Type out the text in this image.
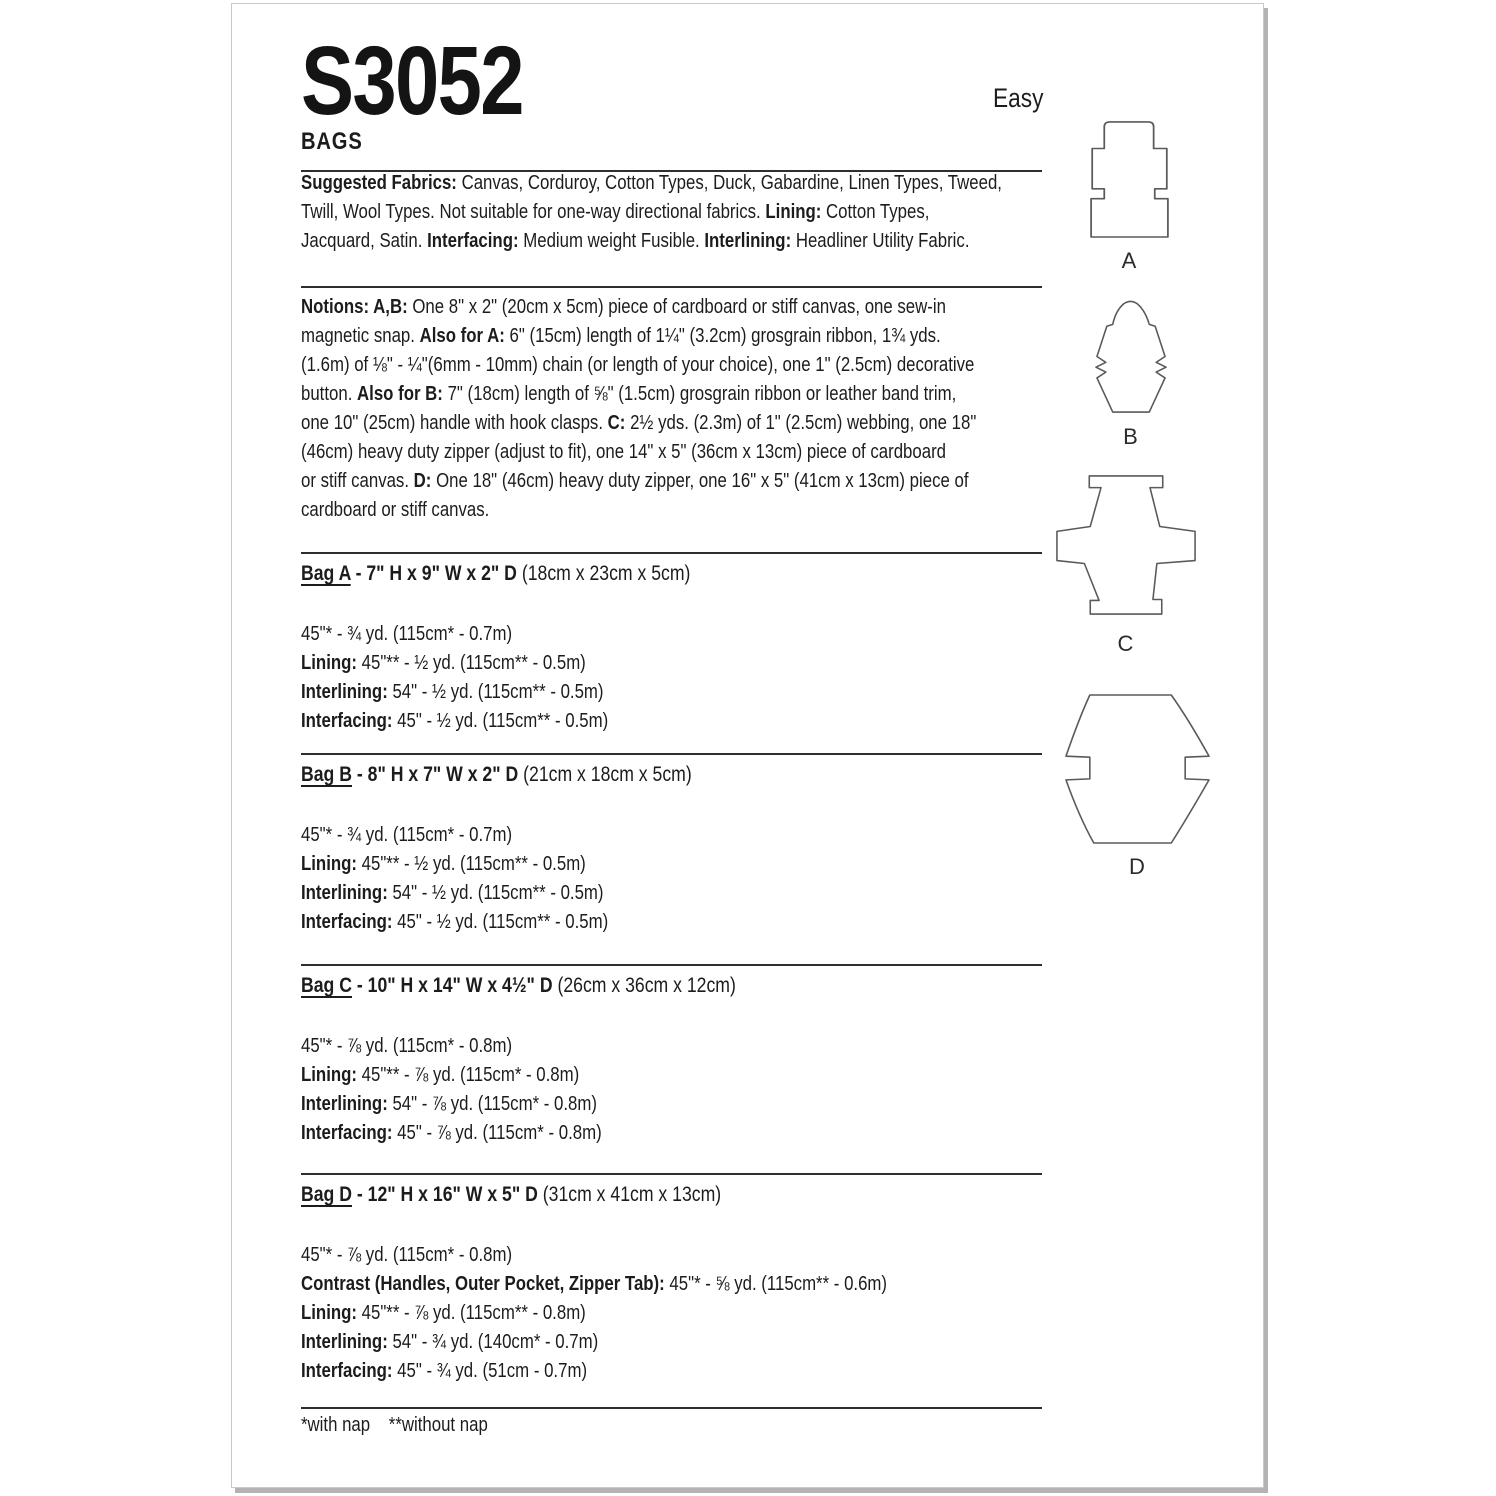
S3052	Easy
BAGS
Suggested Fabrics: Canvas, Corduroy, Cotton Types, Duck, Gabardine, Linen Types, Tweed,
Twill, Wool Types. Not suitable for one-way directional fabrics. Lining: Cotton Types,
Jacquard, Satin. Interfacing: Medium weight Fusible. Interlining: Headliner Utility Fabric.
Notions: A,B: One 8" x 2" (20cm x 5cm) piece of cardboard or stiff canvas, one sew-in
magnetic snap. Also for A: 6" (15cm) length of 1¼" (3.2cm) grosgrain ribbon, 1¾ yds.
(1.6m) of ⅛" - ¼"(6mm - 10mm) chain (or length of your choice), one 1" (2.5cm) decorative
button. Also for B: 7" (18cm) length of ⅝" (1.5cm) grosgrain ribbon or leather band trim,
one 10" (25cm) handle with hook clasps. C: 2½ yds. (2.3m) of 1" (2.5cm) webbing, one 18"
(46cm) heavy duty zipper (adjust to fit), one 14" x 5" (36cm x 13cm) piece of cardboard
or stiff canvas. D: One 18" (46cm) heavy duty zipper, one 16" x 5" (41cm x 13cm) piece of
cardboard or stiff canvas.
Bag A - 7" H x 9" W x 2" D (18cm x 23cm x 5cm)
45"* - ¾ yd. (115cm* - 0.7m)
Lining: 45"** - ½ yd. (115cm** - 0.5m)
Interlining: 54" - ½ yd. (115cm** - 0.5m)
Interfacing: 45" - ½ yd. (115cm** - 0.5m)
Bag B - 8" H x 7" W x 2" D (21cm x 18cm x 5cm)
45"* - ¾ yd. (115cm* - 0.7m)
Lining: 45"** - ½ yd. (115cm** - 0.5m)
Interlining: 54" - ½ yd. (115cm** - 0.5m)
Interfacing: 45" - ½ yd. (115cm** - 0.5m)
Bag C - 10" H x 14" W x 4½" D (26cm x 36cm x 12cm)
45"* - ⅞ yd. (115cm* - 0.8m)
Lining: 45"** - ⅞ yd. (115cm* - 0.8m)
Interlining: 54" - ⅞ yd. (115cm* - 0.8m)
Interfacing: 45" - ⅞ yd. (115cm* - 0.8m)
Bag D - 12" H x 16" W x 5" D (31cm x 41cm x 13cm)
45"* - ⅞ yd. (115cm* - 0.8m)
Contrast (Handles, Outer Pocket, Zipper Tab): 45"* - ⅝ yd. (115cm** - 0.6m)
Lining: 45"** - ⅞ yd. (115cm** - 0.8m)
Interlining: 54" - ¾ yd. (140cm* - 0.7m)
Interfacing: 45" - ¾ yd. (51cm - 0.7m)
*with nap    **without nap
A
B
C
D
